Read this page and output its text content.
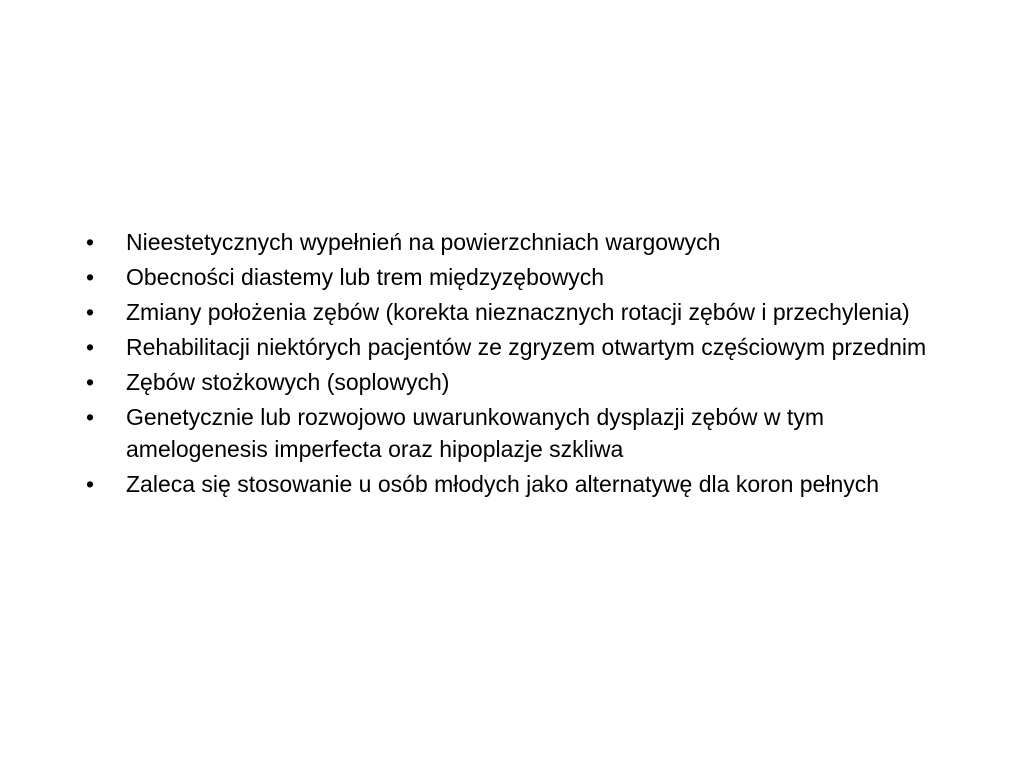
• Nieestetycznych wypełnień na powierzchniach wargowych
• Obecności diastemy lub trem międzyzębowych
• Zmiany położenia zębów (korekta nieznacznych rotacji zębów i przechylenia)
• Rehabilitacji niektórych pacjentów ze zgryzem otwartym częściowym przednim
• Zębów stożkowych (soplowych)
• Genetycznie lub rozwojowo uwarunkowanych dysplazji zębów w tym amelogenesis imperfecta oraz hipoplazje szkliwa
• Zaleca się stosowanie u osób młodych jako alternatywę dla koron pełnych
